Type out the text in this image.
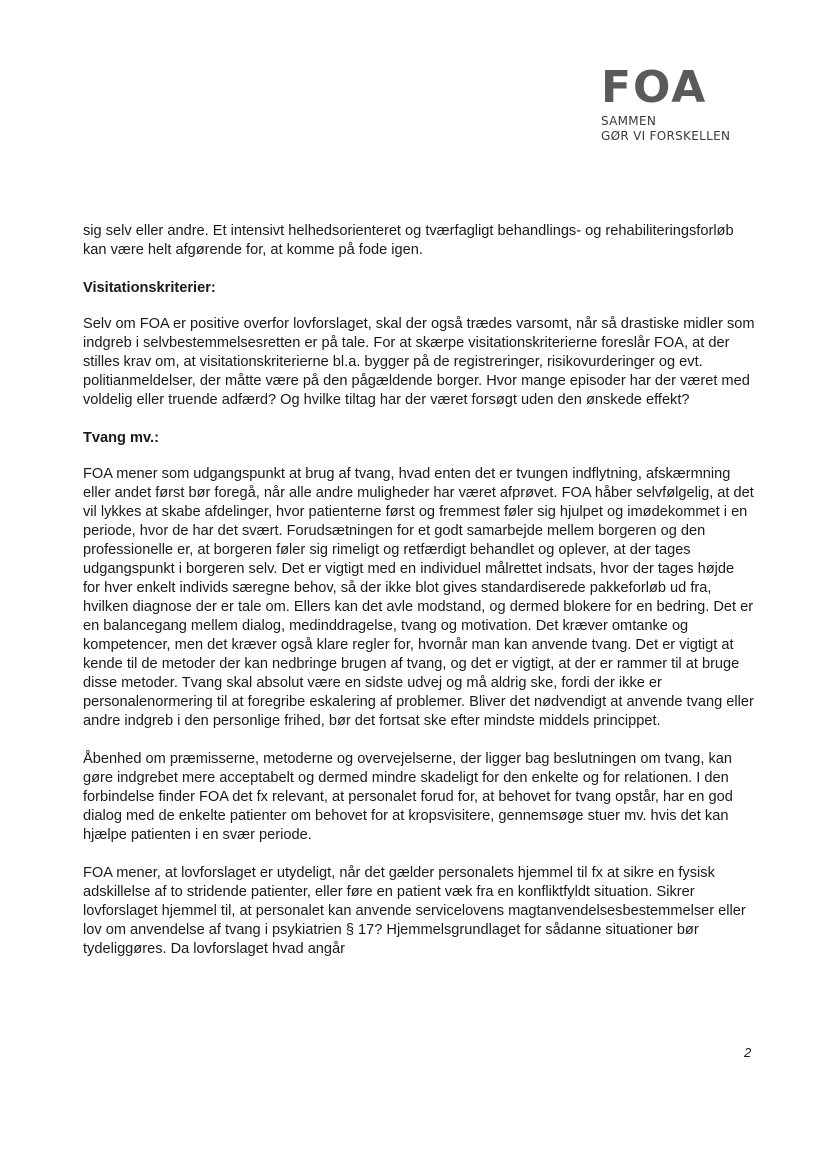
FOA
SAMMEN
GØR VI FORSKELLEN

sig selv eller andre. Et intensivt helhedsorienteret og tværfagligt behandlings- og rehabiliteringsforløb kan være helt afgørende for, at komme på fode igen.

Visitationskriterier:

Selv om FOA er positive overfor lovforslaget, skal der også trædes varsomt, når så drastiske midler som indgreb i selvbestemmelsesretten er på tale. For at skærpe visitationskriterierne foreslår FOA, at der stilles krav om, at visitationskriterierne bl.a. bygger på de registreringer, risikovurderinger og evt. politianmeldelser, der måtte være på den pågældende borger. Hvor mange episoder har der været med voldelig eller truende adfærd? Og hvilke tiltag har der været forsøgt uden den ønskede effekt?

Tvang mv.:

FOA mener som udgangspunkt at brug af tvang, hvad enten det er tvungen indflytning, afskærmning eller andet først bør foregå, når alle andre muligheder har været afprøvet. FOA håber selvfølgelig, at det vil lykkes at skabe afdelinger, hvor patienterne først og fremmest føler sig hjulpet og imødekommet i en periode, hvor de har det svært. Forudsætningen for et godt samarbejde mellem borgeren og den professionelle er, at borgeren føler sig rimeligt og retfærdigt behandlet og oplever, at der tages udgangspunkt i borgeren selv. Det er vigtigt med en individuel målrettet indsats, hvor der tages højde for hver enkelt individs særegne behov, så der ikke blot gives standardiserede pakkeforløb ud fra, hvilken diagnose der er tale om. Ellers kan det avle modstand, og dermed blokere for en bedring. Det er en balancegang mellem dialog, medinddragelse, tvang og motivation. Det kræver omtanke og kompetencer, men det kræver også klare regler for, hvornår man kan anvende tvang. Det er vigtigt at kende til de metoder der kan nedbringe brugen af tvang, og det er vigtigt, at der er rammer til at bruge disse metoder. Tvang skal absolut være en sidste udvej og må aldrig ske, fordi der ikke er personalenormering til at foregribe eskalering af problemer. Bliver det nødvendigt at anvende tvang eller andre indgreb i den personlige frihed, bør det fortsat ske efter mindste middels princippet.

Åbenhed om præmisserne, metoderne og overvejelserne, der ligger bag beslutningen om tvang, kan gøre indgrebet mere acceptabelt og dermed mindre skadeligt for den enkelte og for relationen. I den forbindelse finder FOA det fx relevant, at personalet forud for, at behovet for tvang opstår, har en god dialog med de enkelte patienter om behovet for at kropsvisitere, gennemsøge stuer mv. hvis det kan hjælpe patienten i en svær periode.

FOA mener, at lovforslaget er utydeligt, når det gælder personalets hjemmel til fx at sikre en fysisk adskillelse af to stridende patienter, eller føre en patient væk fra en konfliktfyldt situation. Sikrer lovforslaget hjemmel til, at personalet kan anvende servicelovens magtanvendelsesbestemmelser eller lov om anvendelse af tvang i psykiatrien § 17? Hjemmelsgrundlaget for sådanne situationer bør tydeliggøres. Da lovforslaget hvad angår

2
